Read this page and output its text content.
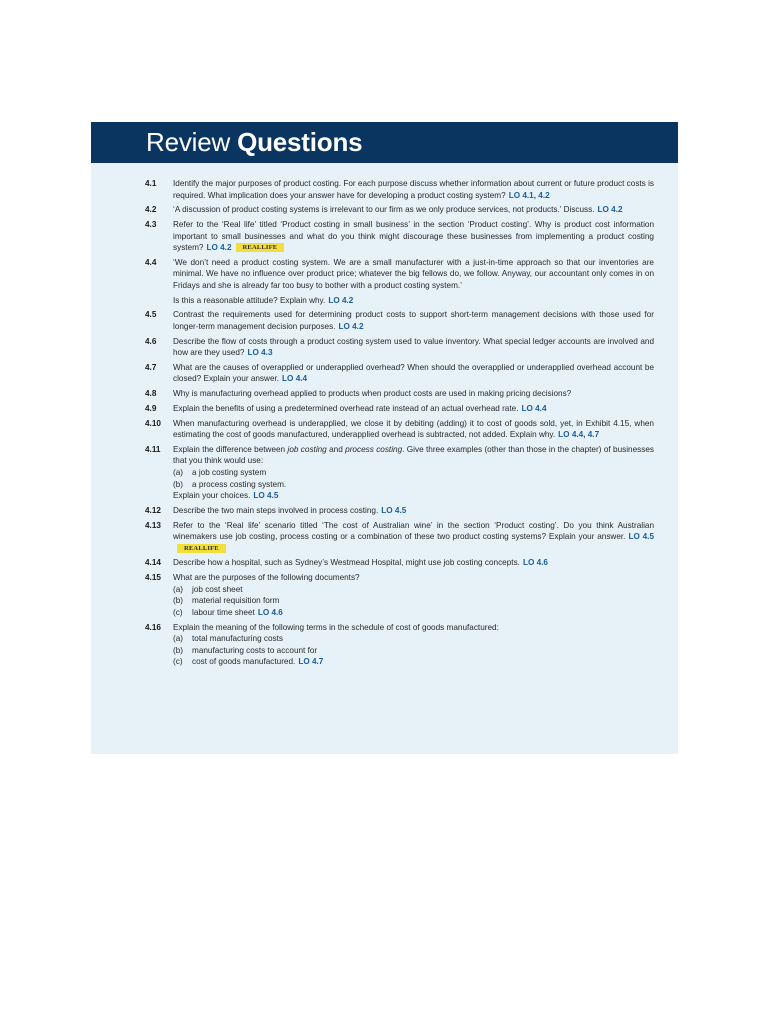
Review Questions
4.1	Identify the major purposes of product costing. For each purpose discuss whether information about current or future product costs is required. What implication does your answer have for developing a product costing system? LO 4.1, 4.2
4.2	‘A discussion of product costing systems is irrelevant to our firm as we only produce services, not products.’ Discuss. LO 4.2
4.3	Refer to the ‘Real life’ titled ‘Product costing in small business’ in the section ‘Product costing’. Why is product cost information important to small businesses and what do you think might discourage these businesses from implementing a product costing system? LO 4.2 REALLIFE
4.4	‘We don’t need a product costing system. We are a small manufacturer with a just-in-time approach so that our inventories are minimal. We have no influence over product price; whatever the big fellows do, we follow. Anyway, our accountant only comes in on Fridays and she is already far too busy to bother with a product costing system.’
Is this a reasonable attitude? Explain why. LO 4.2
4.5	Contrast the requirements used for determining product costs to support short-term management decisions with those used for longer-term management decision purposes. LO 4.2
4.6	Describe the flow of costs through a product costing system used to value inventory. What special ledger accounts are involved and how are they used? LO 4.3
4.7	What are the causes of overapplied or underapplied overhead? When should the overapplied or underapplied overhead account be closed? Explain your answer. LO 4.4
4.8	Why is manufacturing overhead applied to products when product costs are used in making pricing decisions?
4.9	Explain the benefits of using a predetermined overhead rate instead of an actual overhead rate. LO 4.4
4.10	When manufacturing overhead is underapplied, we close it by debiting (adding) it to cost of goods sold, yet, in Exhibit 4.15, when estimating the cost of goods manufactured, underapplied overhead is subtracted, not added. Explain why. LO 4.4, 4.7
4.11	Explain the difference between job costing and process costing. Give three examples (other than those in the chapter) of businesses that you think would use:
(a)	a job costing system
(b)	a process costing system.
Explain your choices. LO 4.5
4.12	Describe the two main steps involved in process costing. LO 4.5
4.13	Refer to the ‘Real life’ scenario titled ‘The cost of Australian wine’ in the section ‘Product costing’. Do you think Australian winemakers use job costing, process costing or a combination of these two product costing systems? Explain your answer. LO 4.5REALLIFE
4.14	Describe how a hospital, such as Sydney’s Westmead Hospital, might use job costing concepts. LO 4.6
4.15	What are the purposes of the following documents?
(a)	job cost sheet
(b)	material requisition form
(c)	labour time sheet LO 4.6
4.16	Explain the meaning of the following terms in the schedule of cost of goods manufactured:
(a)	total manufacturing costs
(b)	manufacturing costs to account for
(c)	cost of goods manufactured. LO 4.7
